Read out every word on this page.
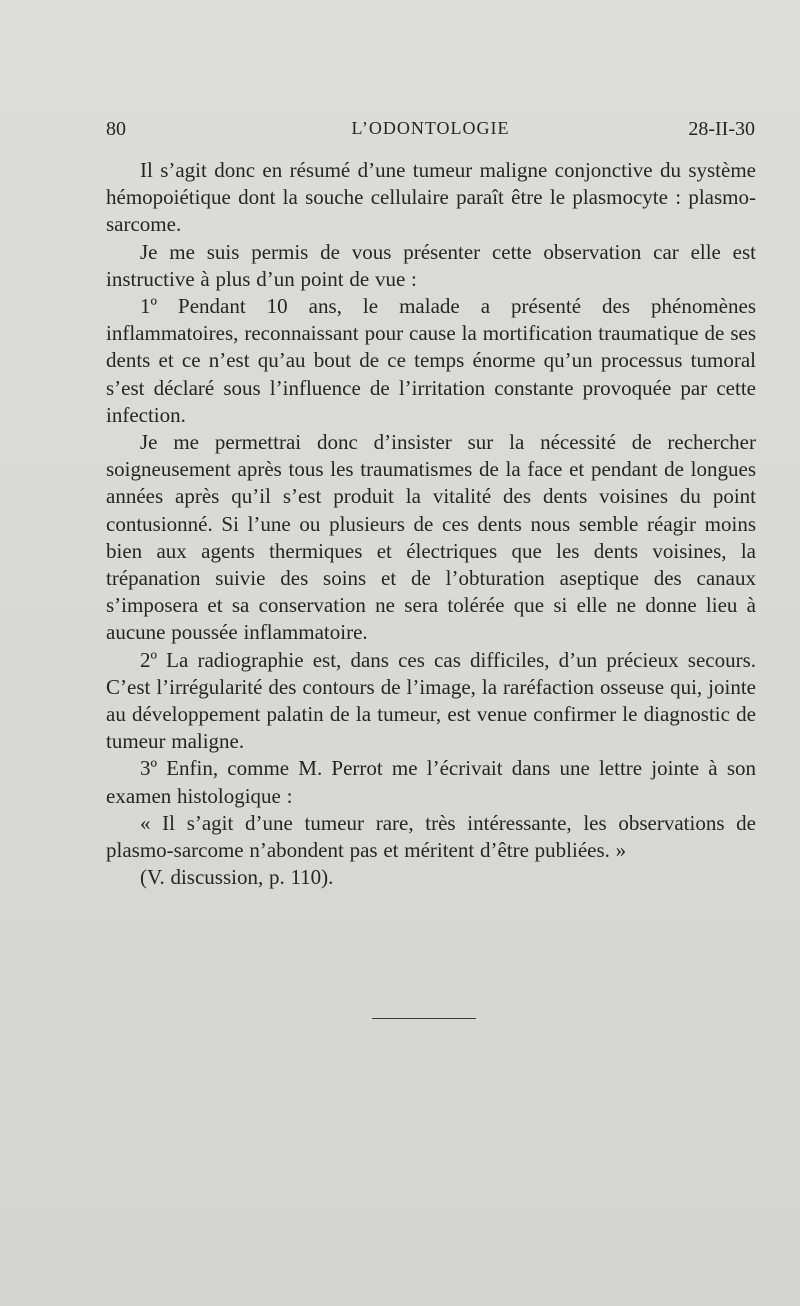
80	L’ODONTOLOGIE	28-II-30

Il s’agit donc en résumé d’une tumeur maligne conjonctive du système hémopoiétique dont la souche cellulaire paraît être le plasmocyte : plasmo-sarcome.

Je me suis permis de vous présenter cette observation car elle est instructive à plus d’un point de vue :

1º Pendant 10 ans, le malade a présenté des phénomènes inflammatoires, reconnaissant pour cause la mortification traumatique de ses dents et ce n’est qu’au bout de ce temps énorme qu’un processus tumoral s’est déclaré sous l’influence de l’irritation constante provoquée par cette infection.

Je me permettrai donc d’insister sur la nécessité de rechercher soigneusement après tous les traumatismes de la face et pendant de longues années après qu’il s’est produit la vitalité des dents voisines du point contusionné. Si l’une ou plusieurs de ces dents nous semble réagir moins bien aux agents thermiques et électriques que les dents voisines, la trépanation suivie des soins et de l’obturation aseptique des canaux s’imposera et sa conservation ne sera tolérée que si elle ne donne lieu à aucune poussée inflammatoire.

2º La radiographie est, dans ces cas difficiles, d’un précieux secours. C’est l’irrégularité des contours de l’image, la raréfaction osseuse qui, jointe au développement palatin de la tumeur, est venue confirmer le diagnostic de tumeur maligne.

3º Enfin, comme M. Perrot me l’écrivait dans une lettre jointe à son examen histologique :

« Il s’agit d’une tumeur rare, très intéressante, les observations de plasmo-sarcome n’abondent pas et méritent d’être publiées. »

(V. discussion, p. 110).
